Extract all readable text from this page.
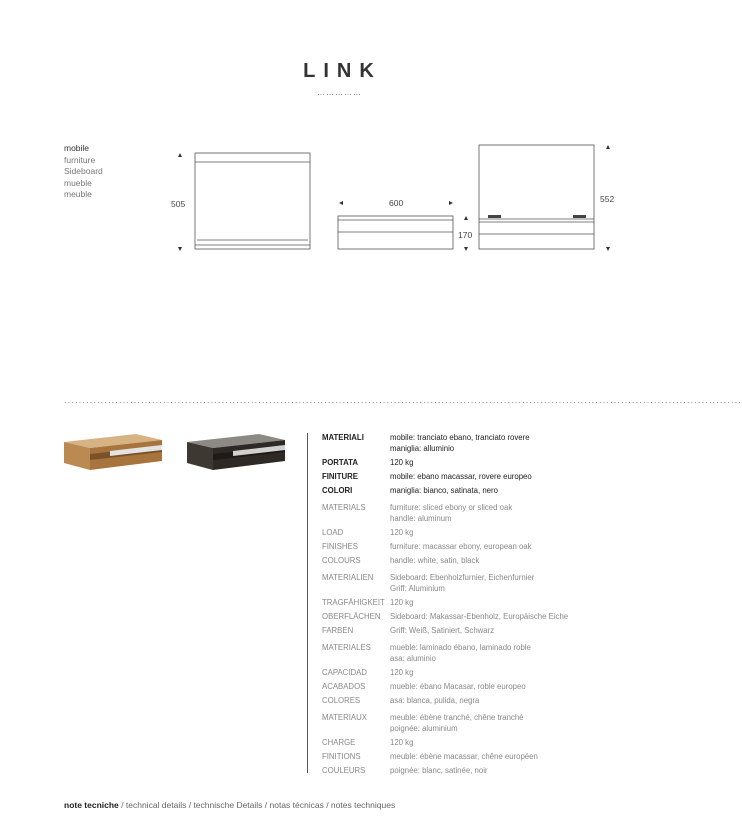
LINK
……………
mobile
furniture
Sideboard
mueble
meuble
505	600
170
552
·························································································································································································
MATERIALI	mobile: tranciato ebano, tranciato rovere
maniglia: alluminio
PORTATA	120 kg
FINITURE	mobile: ebano macassar, rovere europeo
COLORI	maniglia: bianco, satinata, nero
MATERIALS	furniture: sliced ebony or sliced oak
handle: aluminum
LOAD	120 kg
FINISHES	furniture: macassar ebony, european oak
COLOURS	handle: white, satin, black
MATERIALIEN	Sideboard: Ebenholzfurnier, Eichenfurnier
Griff: Aluminium
TRAGFÄHIGKEIT 120 kg
OBERFLÄCHEN	Sideboard: Makassar-Ebenholz, Europäische Eiche
FARBEN	Griff: Weiß, Satiniert, Schwarz
MATERIALES	mueble: laminado ébano, laminado roble
asa: aluminio
CAPACIDAD	120 kg
ACABADOS	mueble: ébano Macasar, roble europeo
COLORES	asa: blanca, pulida, negra
MATERIAUX	meuble: ébène tranché, chêne tranché
poignée: aluminium
CHARGE	120 kg
FINITIONS	meuble: ébène macassar, chêne européen
COULEURS	poignée: blanc, satinée, noir
note tecniche / technical details / technische Details / notas técnicas / notes techniques
